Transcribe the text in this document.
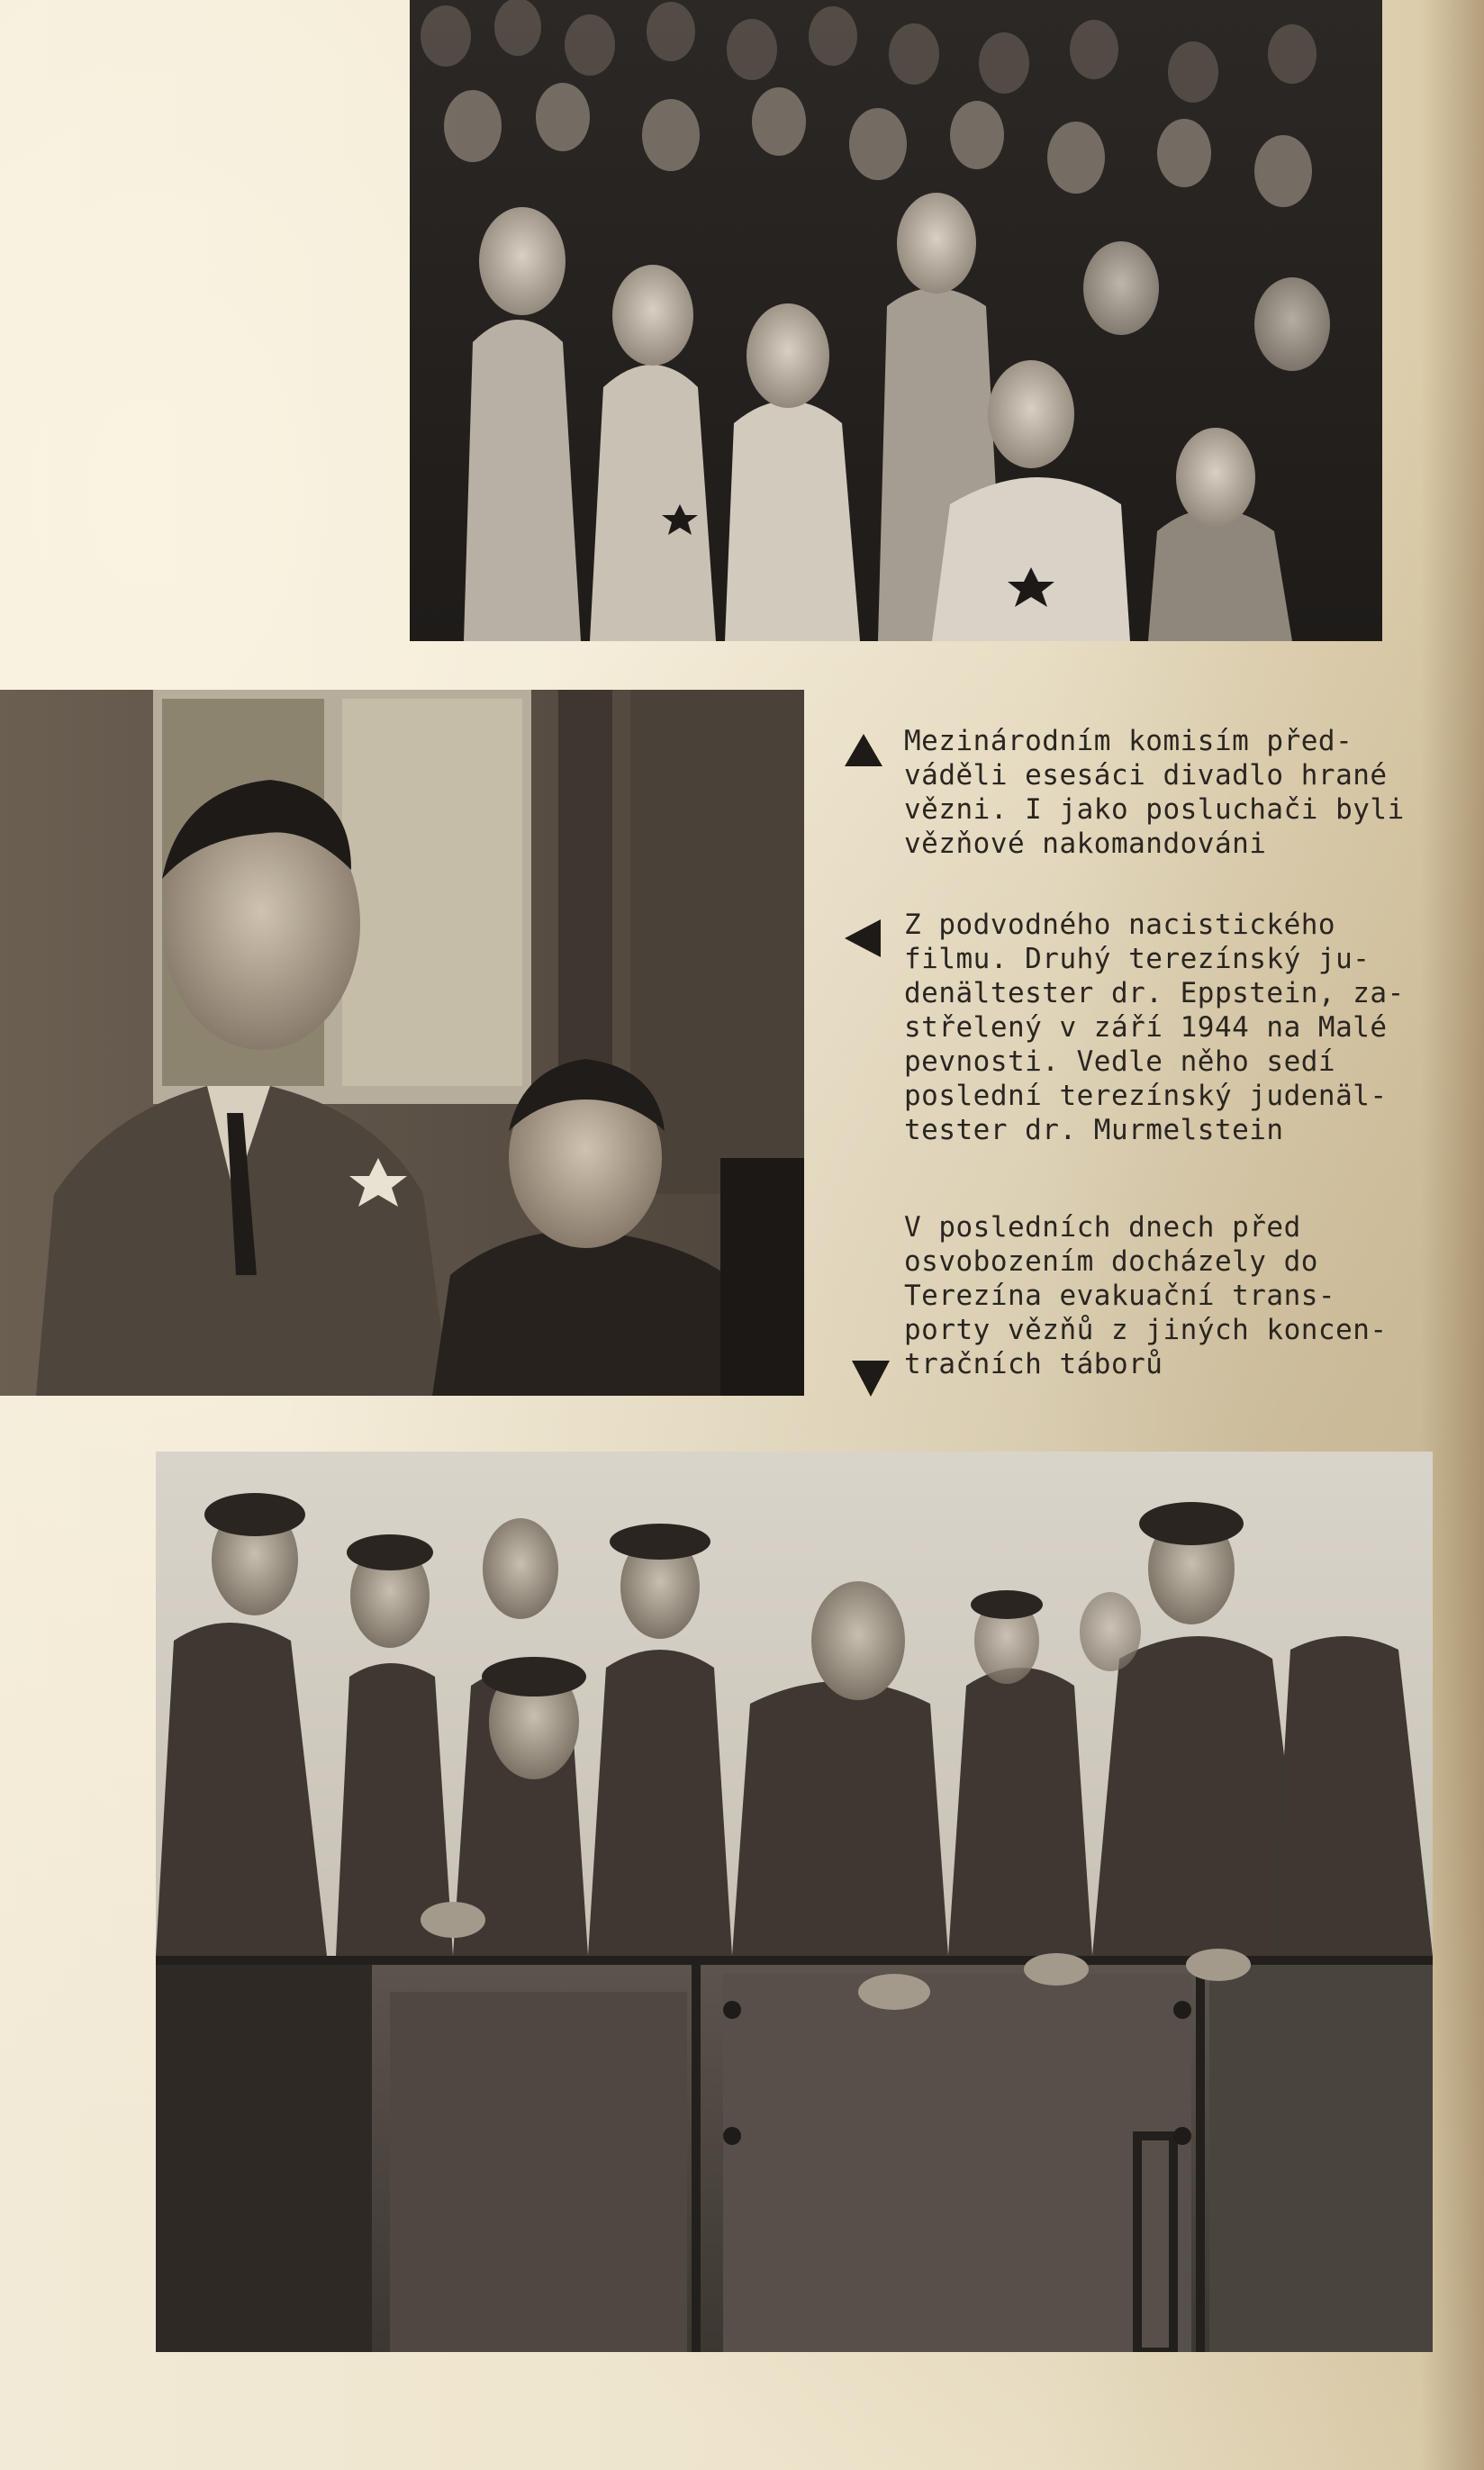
Mezinárodním komisím před-
váděli esesáci divadlo hrané
vězni. I jako posluchači byli
vězňové nakomandováni
Z podvodného nacistického
filmu. Druhý terezínský ju-
denältester dr. Eppstein, za-
střelený v září 1944 na Malé
pevnosti. Vedle něho sedí
poslední terezínský judenäl-
tester dr. Murmelstein
V posledních dnech před
osvobozením docházely do
Terezína evakuační trans-
porty vězňů z jiných koncen-
tračních táborů
